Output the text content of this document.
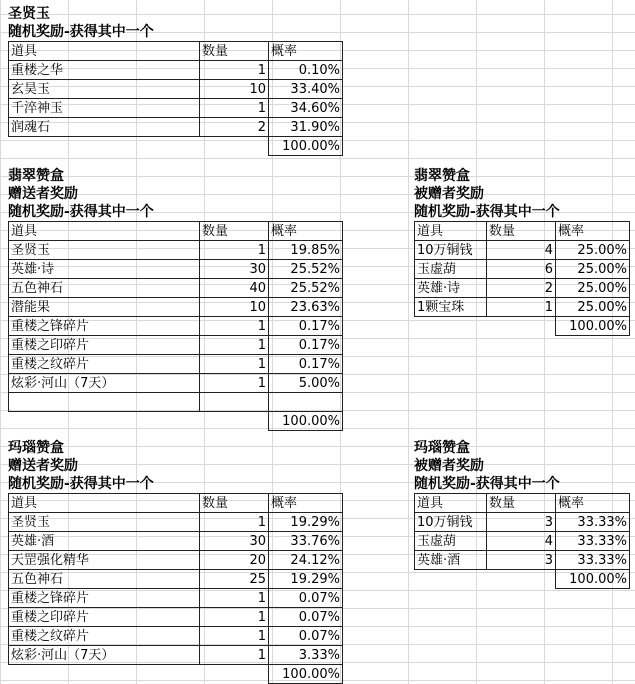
圣贤玉
随机奖励-获得其中一个
道具	数量	概率
重楼之华	1	0.10%
玄昊玉	10	33.40%
千淬神玉	1	34.60%
润魂石	2	31.90%
		100.00%
翡翠赞盒
赠送者奖励
随机奖励-获得其中一个
道具	数量	概率
圣贤玉	1	19.85%
英雄·诗	30	25.52%
五色神石	40	25.52%
潜能果	10	23.63%
重楼之锋碎片	1	0.17%
重楼之印碎片	1	0.17%
重楼之纹碎片	1	0.17%
炫彩·河山（7天）	1	5.00%

		100.00%
翡翠赞盒
被赠者奖励
随机奖励-获得其中一个
道具	数量	概率
10万铜钱	4	25.00%
玉虚葫	6	25.00%
英雄·诗	2	25.00%
1颗宝珠	1	25.00%
		100.00%
玛瑙赞盒
赠送者奖励
随机奖励-获得其中一个
道具	数量	概率
圣贤玉	1	19.29%
英雄·酒	30	33.76%
天罡强化精华	20	24.12%
五色神石	25	19.29%
重楼之锋碎片	1	0.07%
重楼之印碎片	1	0.07%
重楼之纹碎片	1	0.07%
炫彩·河山（7天）	1	3.33%
		100.00%
玛瑙赞盒
被赠者奖励
随机奖励-获得其中一个
道具	数量	概率
10万铜钱	3	33.33%
玉虚葫	4	33.33%
英雄·酒	3	33.33%
		100.00%
